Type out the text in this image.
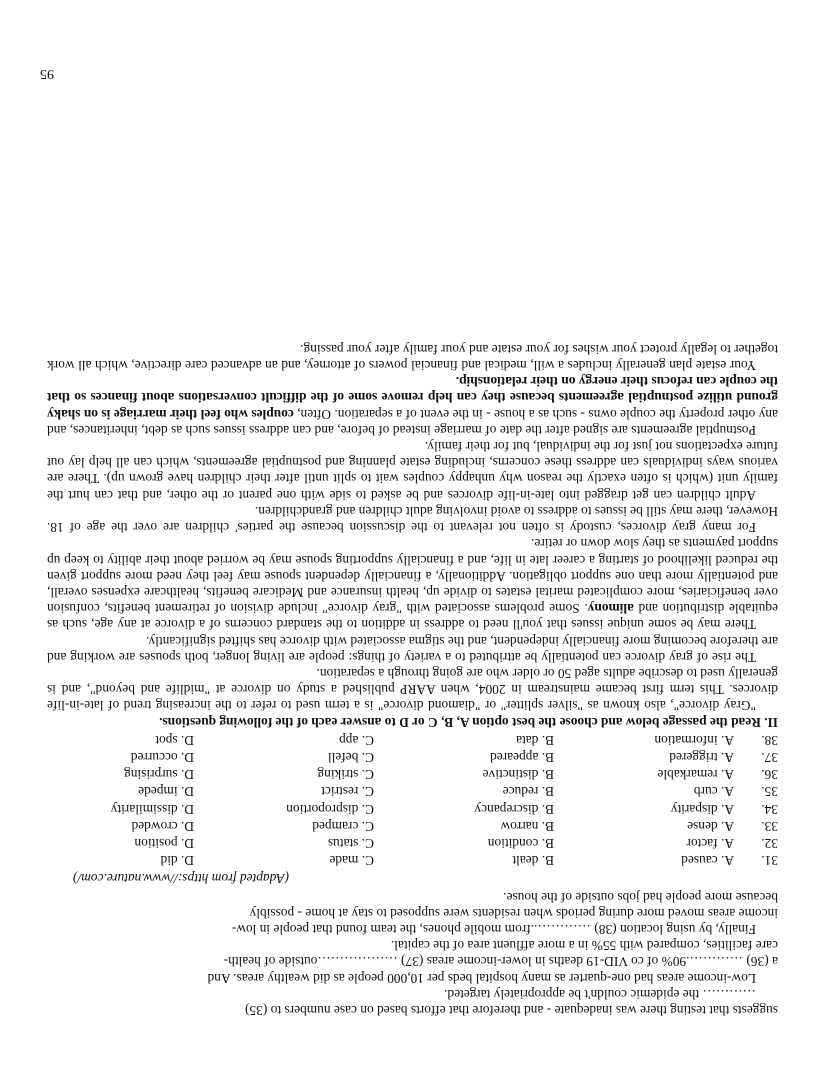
suggests that testing there was inadequate - and therefore that efforts based on case numbers to (35)

………… the epidemic couldn't be appropriately targeted.

Low-income areas had one-quarter as many hospital beds per 10,000 people as did wealthy areas. And

a (36) ………….90% of co VID-19 deaths in lower-income areas (37) ………………outside of health-

care facilities, compared with 55% in a more affluent area of the capital.

Finally, by using location (38) …………..from mobile phones, the team found that people in low-

income areas moved more during periods when residents were supposed to stay at home - possibly

because more people had jobs outside of the house.

(Adapted from https://www.nature.com/)

31.	A. caused	B. dealt	C. made	D. did
32.	A. factor	B. condition	C. status	D. position
33.	A. dense	B. narrow	C. cramped	D. crowded
34.	A. disparity	B. discrepancy	C. disproportion	D. dissimilarity
35.	A. curb	B. reduce	C. restrict	D. impede
36.	A. remarkable	B. distinctive	C. striking	D. surprising
37.	A. triggered	B. appeared	C. befell	D. occurred
38.	A. information	B. data	C. app	D. spot

II. Read the passage below and choose the best option A, B, C or D to answer each of the following questions.

"Gray divorce", also known as "silver splitter" or "diamond divorce" is a term used to refer to the increasing trend of late-in-life divorces. This term first became mainstream in 2004, when AARP published a study on divorce at "midlife and beyond", and is generally used to describe adults aged 50 or older who are going through a separation.

The rise of gray divorce can potentially be attributed to a variety of things: people are living longer, both spouses are working and are therefore becoming more financially independent, and the stigma associated with divorce has shifted significantly.

There may be some unique issues that you'll need to address in addition to the standard concerns of a divorce at any age, such as equitable distribution and alimony. Some problems associated with "gray divorce" include division of retirement benefits, confusion over beneficiaries, more complicated marital estates to divide up, health insurance and Medicare benefits, healthcare expenses overall, and potentially more than one support obligation. Additionally, a financially dependent spouse may feel they need more support given the reduced likelihood of starting a career late in life, and a financially supporting spouse may be worried about their ability to keep up support payments as they slow down or retire.

For many gray divorces, custody is often not relevant to the discussion because the parties' children are over the age of 18. However, there may still be issues to address to avoid involving adult children and grandchildren.

Adult children can get dragged into late-in-life divorces and be asked to side with one parent or the other, and that can hurt the family unit (which is often exactly the reason why unhappy couples wait to split until after their children have grown up). There are various ways individuals can address these concerns, including estate planning and postnuptial agreements, which can all help lay out future expectations not just for the individual, but for their family.

Postnuptial agreements are signed after the date of marriage instead of before, and can address issues such as debt, inheritances, and any other property the couple owns - such as a house - in the event of a separation. Often, couples who feel their marriage is on shaky ground utilize postnuptial agreements because they can help remove some of the difficult conversations about finances so that the couple can refocus their energy on their relationship.

Your estate plan generally includes a will, medical and financial powers of attorney, and an advanced care directive, which all work together to legally protect your wishes for your estate and your family after your passing.

95
